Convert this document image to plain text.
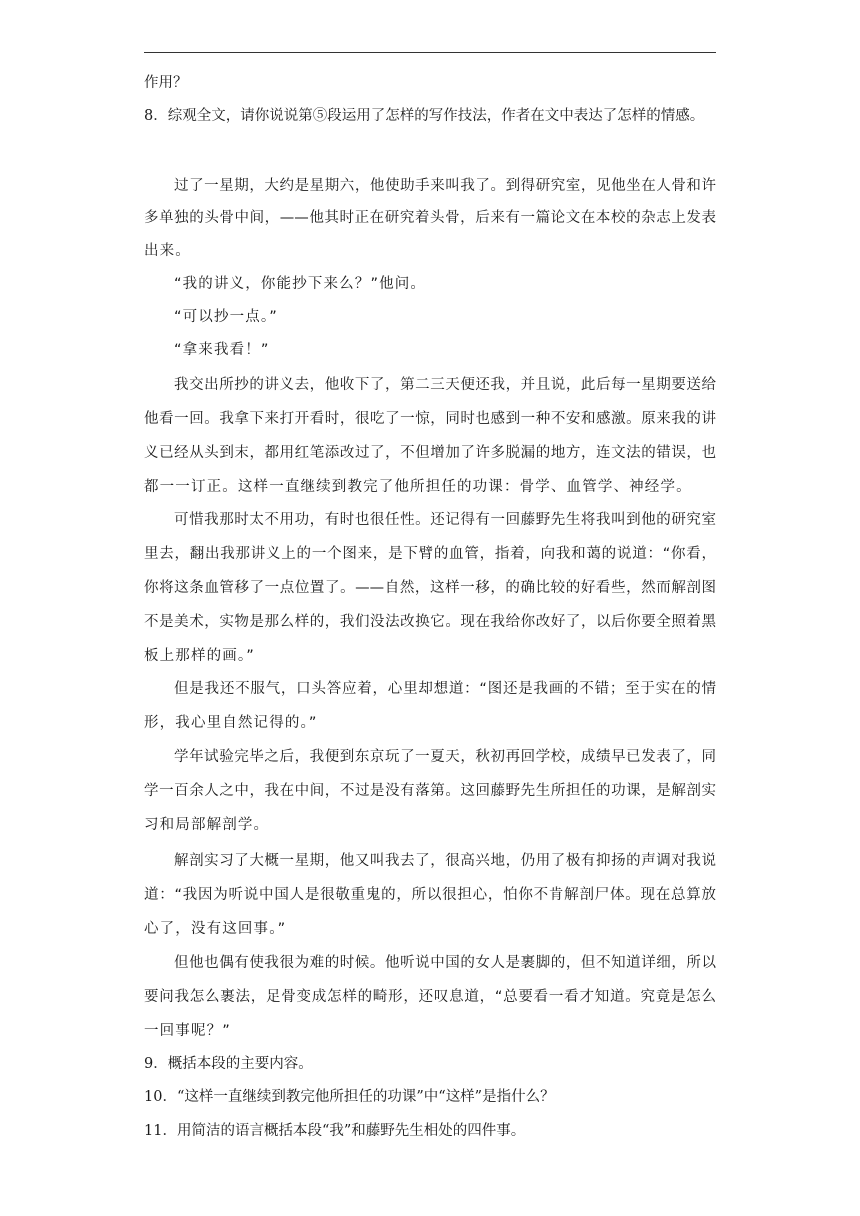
作用？
8．综观全文，请你说说第⑤段运用了怎样的写作技法，作者在文中表达了怎样的情感。
过了一星期，大约是星期六，他使助手来叫我了。到得研究室，见他坐在人骨和许
多单独的头骨中间，——他其时正在研究着头骨，后来有一篇论文在本校的杂志上发表
出来。
“我的讲义，你能抄下来么？”他问。
“可以抄一点。”
“拿来我看！”
我交出所抄的讲义去，他收下了，第二三天便还我，并且说，此后每一星期要送给
他看一回。我拿下来打开看时，很吃了一惊，同时也感到一种不安和感激。原来我的讲
义已经从头到末，都用红笔添改过了，不但增加了许多脱漏的地方，连文法的错误，也
都一一订正。这样一直继续到教完了他所担任的功课：骨学、血管学、神经学。
可惜我那时太不用功，有时也很任性。还记得有一回藤野先生将我叫到他的研究室
里去，翻出我那讲义上的一个图来，是下臂的血管，指着，向我和蔼的说道：“你看，
你将这条血管移了一点位置了。——自然，这样一移，的确比较的好看些，然而解剖图
不是美术，实物是那么样的，我们没法改换它。现在我给你改好了，以后你要全照着黑
板上那样的画。”
但是我还不服气，口头答应着，心里却想道：“图还是我画的不错；至于实在的情
形，我心里自然记得的。”
学年试验完毕之后，我便到东京玩了一夏天，秋初再回学校，成绩早已发表了，同
学一百余人之中，我在中间，不过是没有落第。这回藤野先生所担任的功课，是解剖实
习和局部解剖学。
解剖实习了大概一星期，他又叫我去了，很高兴地，仍用了极有抑扬的声调对我说
道：“我因为听说中国人是很敬重鬼的，所以很担心，怕你不肯解剖尸体。现在总算放
心了，没有这回事。”
但他也偶有使我很为难的时候。他听说中国的女人是裹脚的，但不知道详细，所以
要问我怎么裹法，足骨变成怎样的畸形，还叹息道，“总要看一看才知道。究竟是怎么
一回事呢？”
9．概括本段的主要内容。
10．“这样一直继续到教完他所担任的功课”中“这样”是指什么？
11．用简洁的语言概括本段“我”和藤野先生相处的四件事。
